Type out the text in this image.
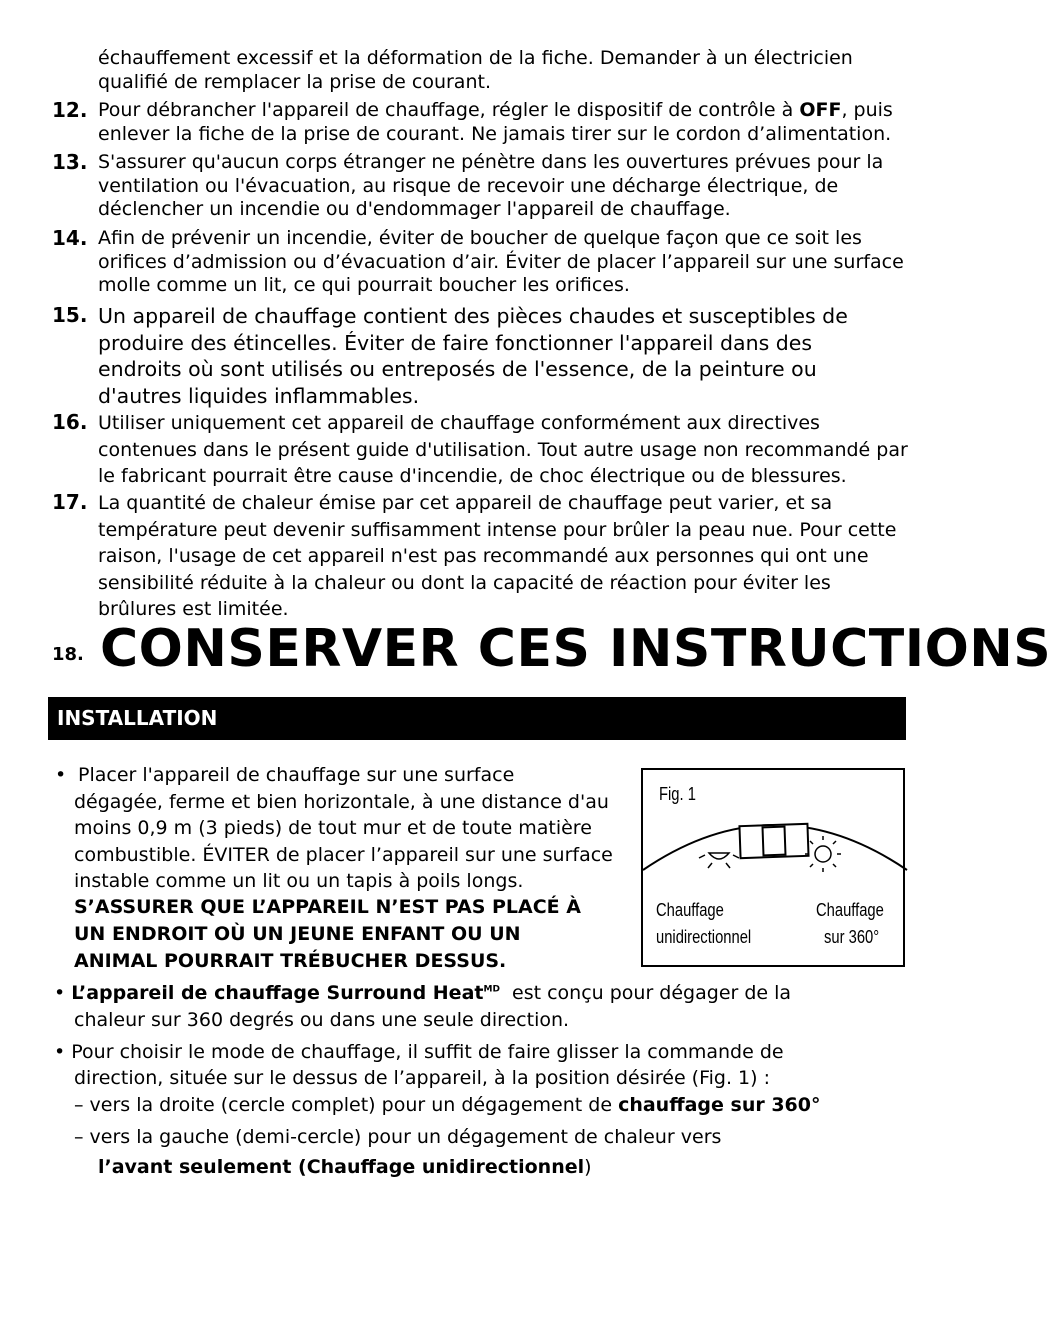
échauffement excessif et la déformation de la fiche. Demander à un électricien
qualifié de remplacer la prise de courant.
12. Pour débrancher l'appareil de chauffage, régler le dispositif de contrôle à OFF, puis enlever la fiche de la prise de courant. Ne jamais tirer sur le cordon d’alimentation.
13. S'assurer qu'aucun corps étranger ne pénètre dans les ouvertures prévues pour la ventilation ou l'évacuation, au risque de recevoir une décharge électrique, de déclencher un incendie ou d'endommager l'appareil de chauffage.
14. Afin de prévenir un incendie, éviter de boucher de quelque façon que ce soit les orifices d’admission ou d’évacuation d’air. Éviter de placer l’appareil sur une surface molle comme un lit, ce qui pourrait boucher les orifices.
15. Un appareil de chauffage contient des pièces chaudes et susceptibles de produire des étincelles. Éviter de faire fonctionner l'appareil dans des endroits où sont utilisés ou entreposés de l'essence, de la peinture ou d'autres liquides inflammables.
16. Utiliser uniquement cet appareil de chauffage conformément aux directives contenues dans le présent guide d'utilisation. Tout autre usage non recommandé par le fabricant pourrait être cause d'incendie, de choc électrique ou de blessures.
17. La quantité de chaleur émise par cet appareil de chauffage peut varier, et sa température peut devenir suffisamment intense pour brûler la peau nue. Pour cette raison, l'usage de cet appareil n'est pas recommandé aux personnes qui ont une sensibilité réduite à la chaleur ou dont la capacité de réaction pour éviter les brûlures est limitée.
18. CONSERVER CES INSTRUCTIONS
INSTALLATION
• Placer l'appareil de chauffage sur une surface
dégagée, ferme et bien horizontale, à une distance d'au
moins 0,9 m (3 pieds) de tout mur et de toute matière
combustible. ÉVITER de placer l’appareil sur une surface
instable comme un lit ou un tapis à poils longs.
S’ASSURER QUE L’APPAREIL N’EST PAS PLACÉ À
UN ENDROIT OÙ UN JEUNE ENFANT OU UN
ANIMAL POURRAIT TRÉBUCHER DESSUS.
Fig. 1
Chauffage
unidirectionnel
Chauffage
sur 360°
• L’appareil de chauffage Surround Heat$^{MD}$ est conçu pour dégager de la
chaleur sur 360 degrés ou dans une seule direction.
• Pour choisir le mode de chauffage, il suffit de faire glisser la commande de
direction, située sur le dessus de l’appareil, à la position désirée (Fig. 1) :
– vers la droite (cercle complet) pour un dégagement de chauffage sur 360°
– vers la gauche (demi-cercle) pour un dégagement de chaleur vers
l’avant seulement (Chauffage unidirectionnel)
